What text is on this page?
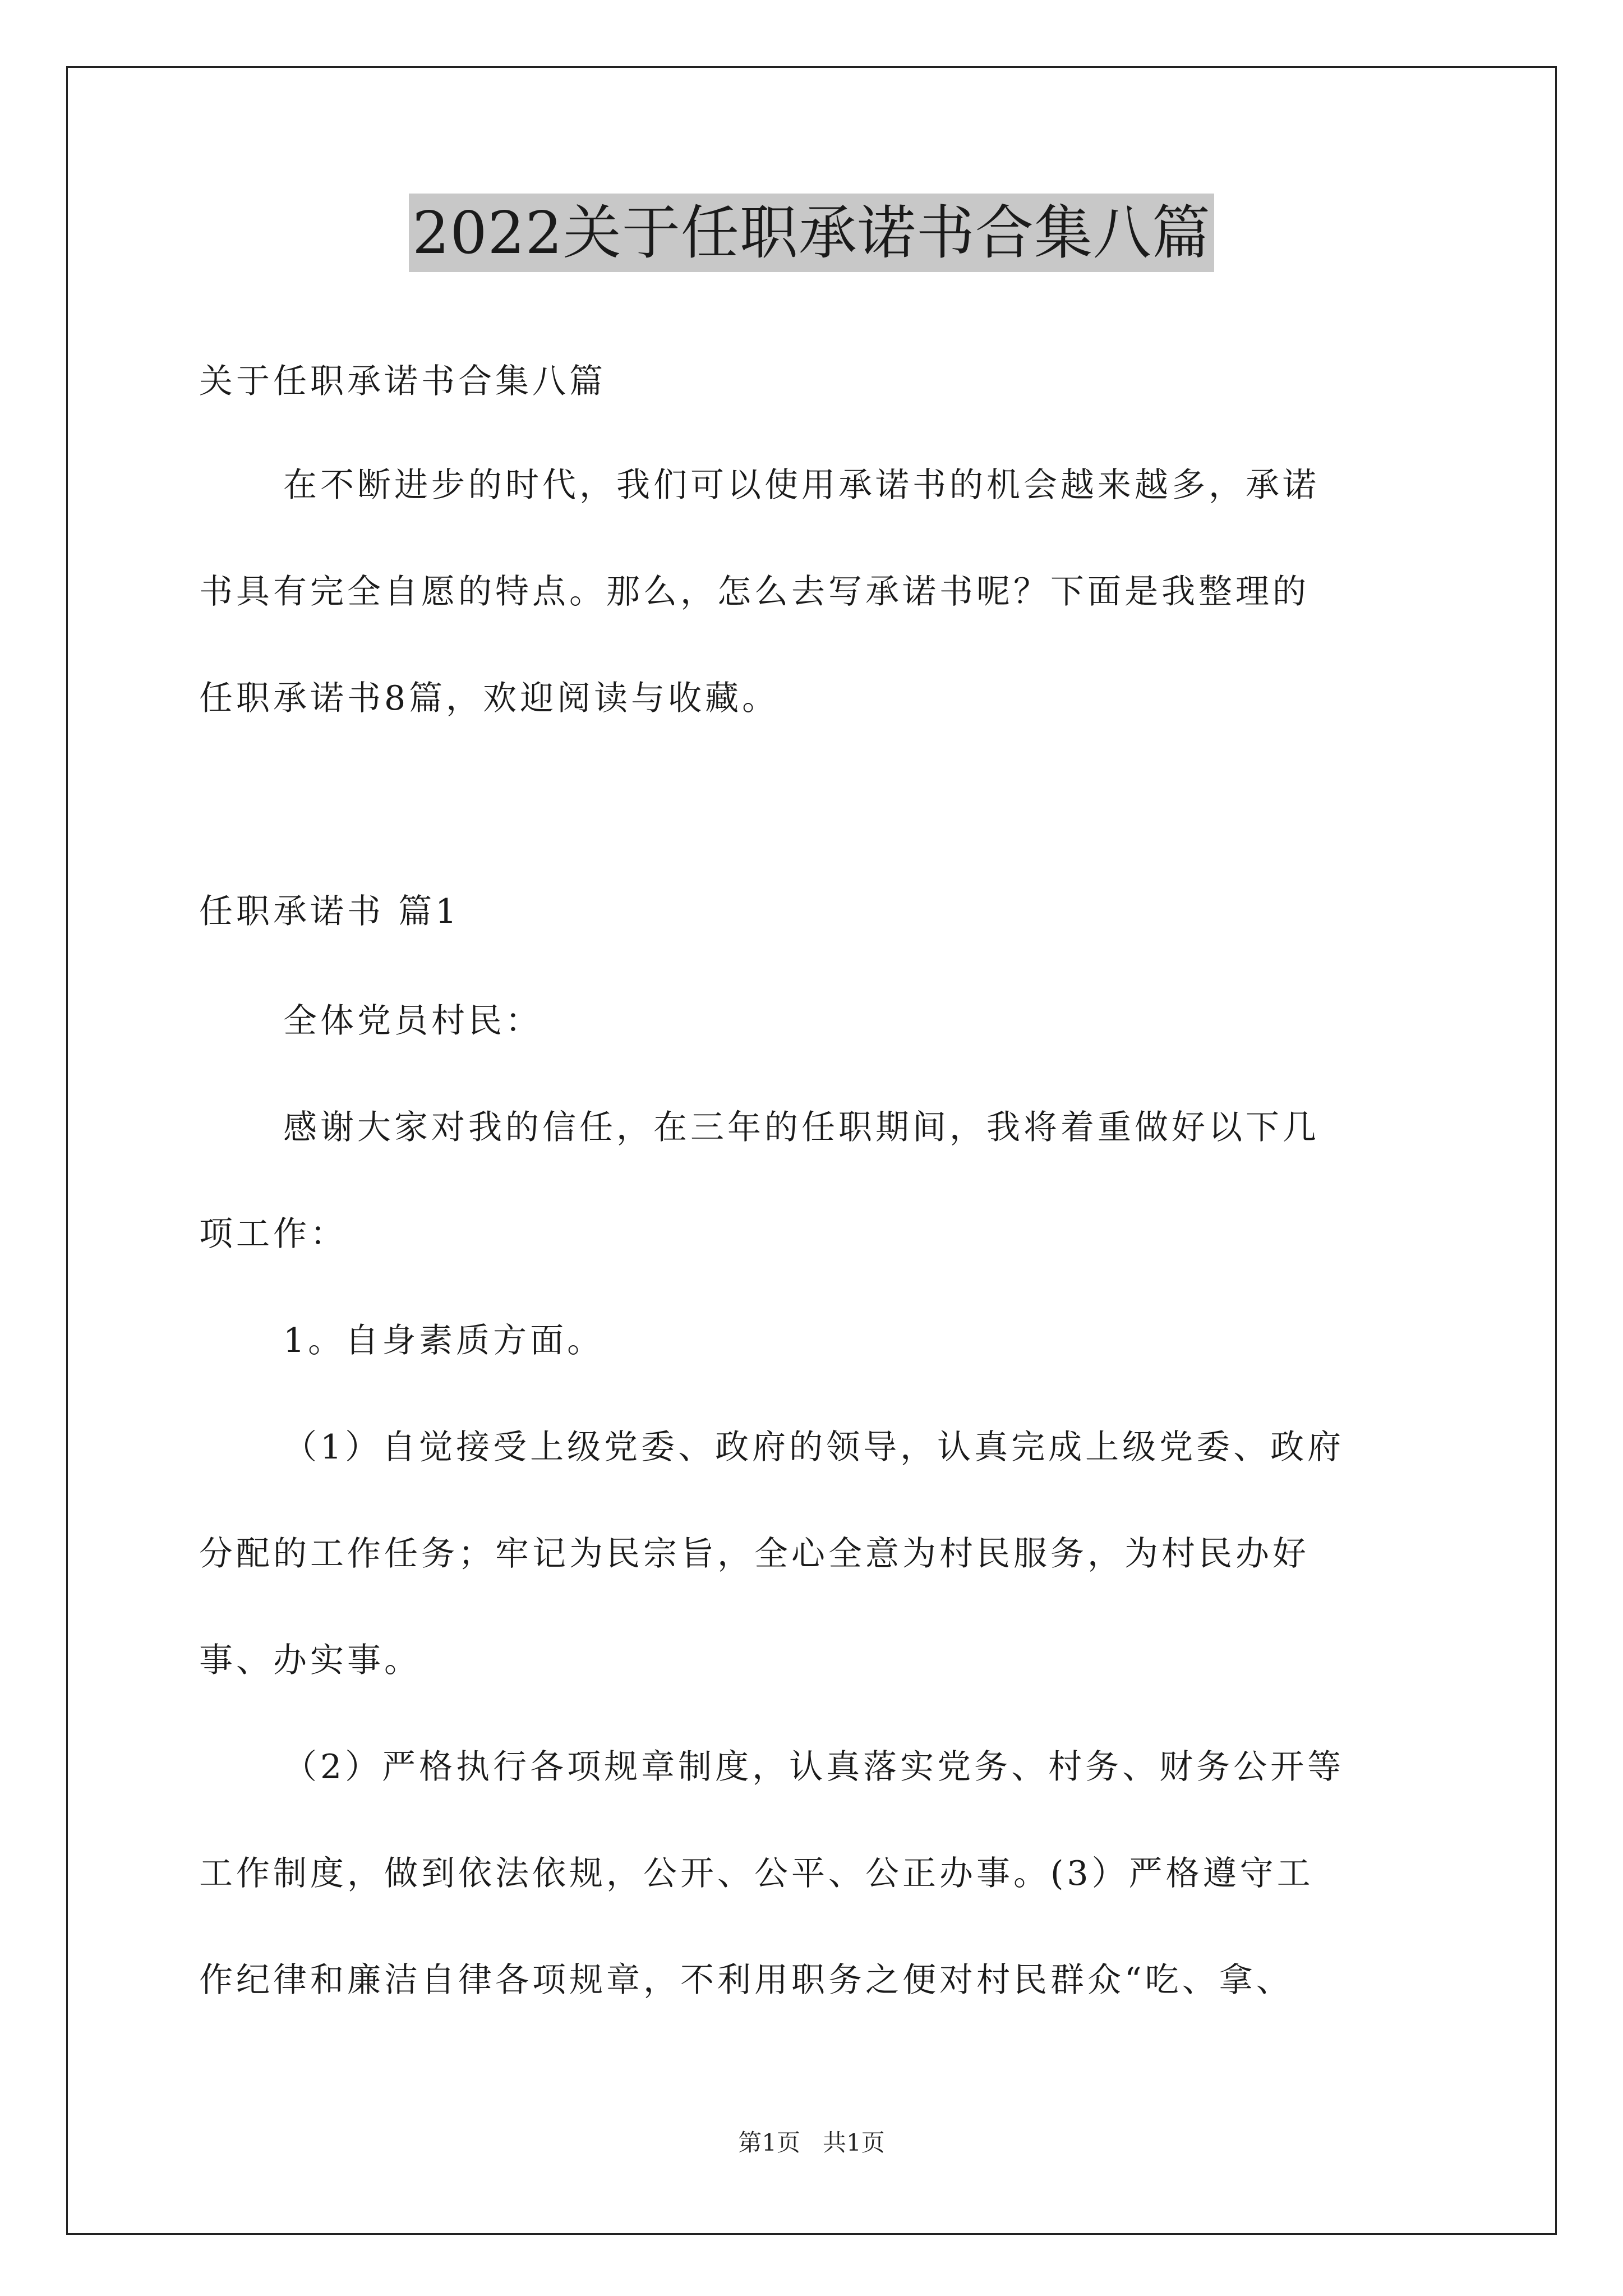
2022关于任职承诺书合集八篇
关于任职承诺书合集八篇
在不断进步的时代，我们可以使用承诺书的机会越来越多，承诺
书具有完全自愿的特点。那么，怎么去写承诺书呢？下面是我整理的
任职承诺书8篇，欢迎阅读与收藏。
任职承诺书 篇1
全体党员村民：
感谢大家对我的信任，在三年的任职期间，我将着重做好以下几
项工作：
1。自身素质方面。
（1）自觉接受上级党委、政府的领导，认真完成上级党委、政府
分配的工作任务；牢记为民宗旨，全心全意为村民服务，为村民办好
事、办实事。
（2）严格执行各项规章制度，认真落实党务、村务、财务公开等
工作制度，做到依法依规，公开、公平、公正办事。(3）严格遵守工
作纪律和廉洁自律各项规章，不利用职务之便对村民群众“吃、拿、
第1页 共1页
